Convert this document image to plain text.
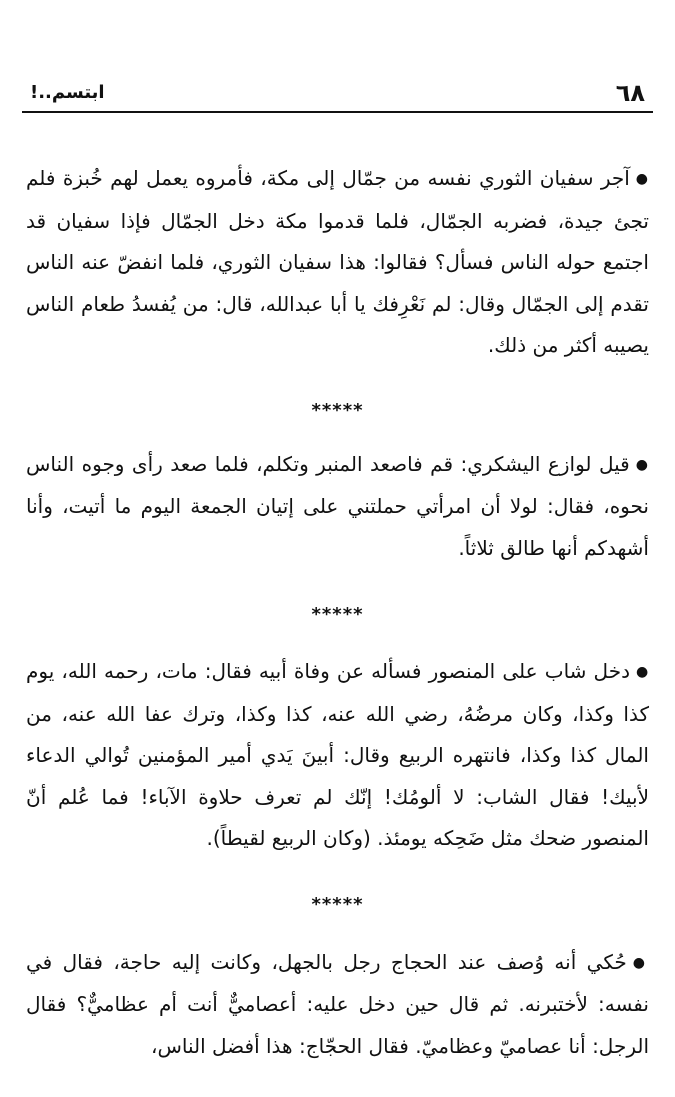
٦٨
ابتسم..!

●آجر سفيان الثوري نفسه من جمّال إلى مكة، فأمروه يعمل لهم خُبزة فلم تجئ جيدة، فضربه الجمّال، فلما قدموا مكة دخل الجمّال فإذا سفيان قد اجتمع حوله الناس فسأل؟ فقالوا: هذا سفيان الثوري، فلما انفضّ عنه الناس تقدم إلى الجمّال وقال: لم نَعْرِفك يا أبا عبدالله، قال: من يُفسدُ طعام الناس يصيبه أكثر من ذلك.

*****

●قيل لوازع اليشكري: قم فاصعد المنبر وتكلم، فلما صعد رأى وجوه الناس نحوه، فقال: لولا أن امرأتي حملتني على إتيان الجمعة اليوم ما أتيت، وأنا أشهدكم أنها طالق ثلاثاً.

*****

●دخل شاب على المنصور فسأله عن وفاة أبيه فقال: مات، رحمه الله، يوم كذا وكذا، وكان مرضُهُ، رضي الله عنه، كذا وكذا، وترك عفا الله عنه، من المال كذا وكذا، فانتهره الربيع وقال: أبينَ يَدي أمير المؤمنين تُوالي الدعاء لأبيك! فقال الشاب: لا ألومُك! إنّك لم تعرف حلاوة الآباء! فما عُلم أنّ المنصور ضحك مثل ضَحِكه يومئذ. (وكان الربيع لقيطاً).

*****

●حُكي أنه وُصف عند الحجاج رجل بالجهل، وكانت إليه حاجة، فقال في نفسه: لأختبرنه. ثم قال حين دخل عليه: أعصاميٌّ أنت أم عظاميٌّ؟ فقال الرجل: أنا عصاميّ وعظاميّ. فقال الحجّاج: هذا أفضل الناس،
